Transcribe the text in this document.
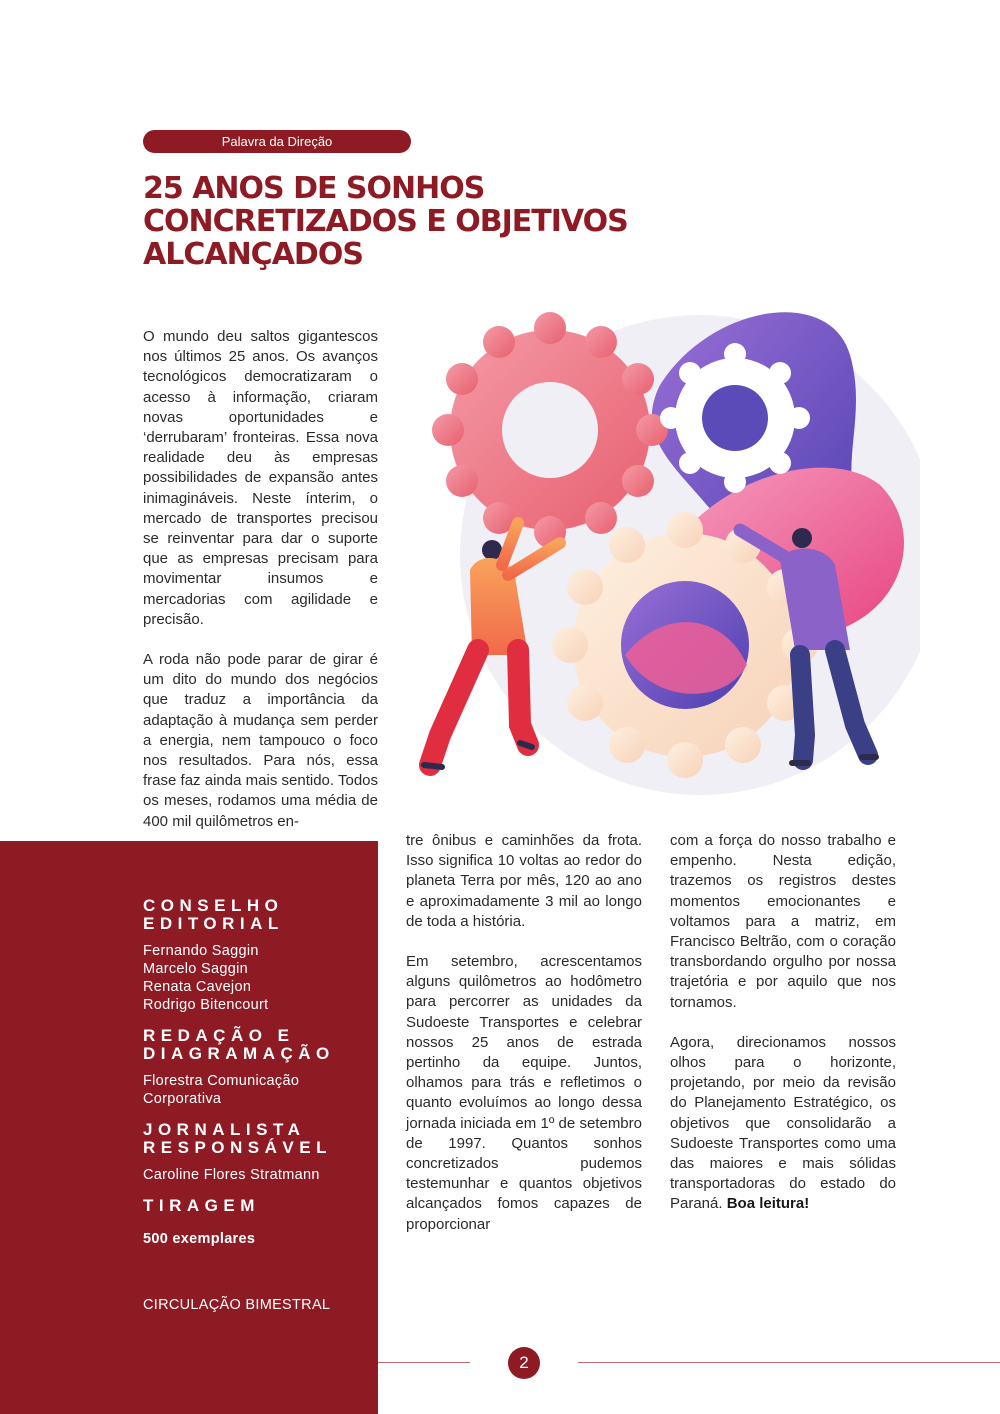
Palavra da Direção
25 ANOS DE SONHOS
CONCRETIZADOS E OBJETIVOS
ALCANÇADOS

O mundo deu saltos gigantescos nos últimos 25 anos. Os avanços tecnológicos democratizaram o acesso à informação, criaram novas oportunidades e ‘derrubaram’ fronteiras. Essa nova realidade deu às empresas possibilidades de expansão antes inimagináveis. Neste ínterim, o mercado de transportes precisou se reinventar para dar o suporte que as empresas precisam para movimentar insumos e mercadorias com agilidade e precisão.

A roda não pode parar de girar é um dito do mundo dos negócios que traduz a importância da adaptação à mudança sem perder a energia, nem tampouco o foco nos resultados. Para nós, essa frase faz ainda mais sentido. Todos os meses, rodamos uma média de 400 mil quilômetros en-

tre ônibus e caminhões da frota. Isso significa 10 voltas ao redor do planeta Terra por mês, 120 ao ano e aproximadamente 3 mil ao longo de toda a história.

Em setembro, acrescentamos alguns quilômetros ao hodômetro para percorrer as unidades da Sudoeste Transportes e celebrar nossos 25 anos de estrada pertinho da equipe. Juntos, olhamos para trás e refletimos o quanto evoluímos ao longo dessa jornada iniciada em 1º de setembro de 1997. Quantos sonhos concretizados pudemos testemunhar e quantos objetivos alcançados fomos capazes de proporcionar

com a força do nosso trabalho e empenho. Nesta edição, trazemos os registros destes momentos emocionantes e voltamos para a matriz, em Francisco Beltrão, com o coração transbordando orgulho por nossa trajetória e por aquilo que nos tornamos.

Agora, direcionamos nossos olhos para o horizonte, projetando, por meio da revisão do Planejamento Estratégico, os objetivos que consolidarão a Sudoeste Transportes como uma das maiores e mais sólidas transportadoras do estado do Paraná. Boa leitura!

CONSELHO
EDITORIAL

Fernando Saggin

Marcelo Saggin

Renata Cavejon

Rodrigo Bitencourt

REDAÇÃO E
DIAGRAMAÇÃO

Florestra Comunicação

Corporativa

JORNALISTA
RESPONSÁVEL

Caroline Flores Stratmann

TIRAGEM

500 exemplares

CIRCULAÇÃO BIMESTRAL
2
